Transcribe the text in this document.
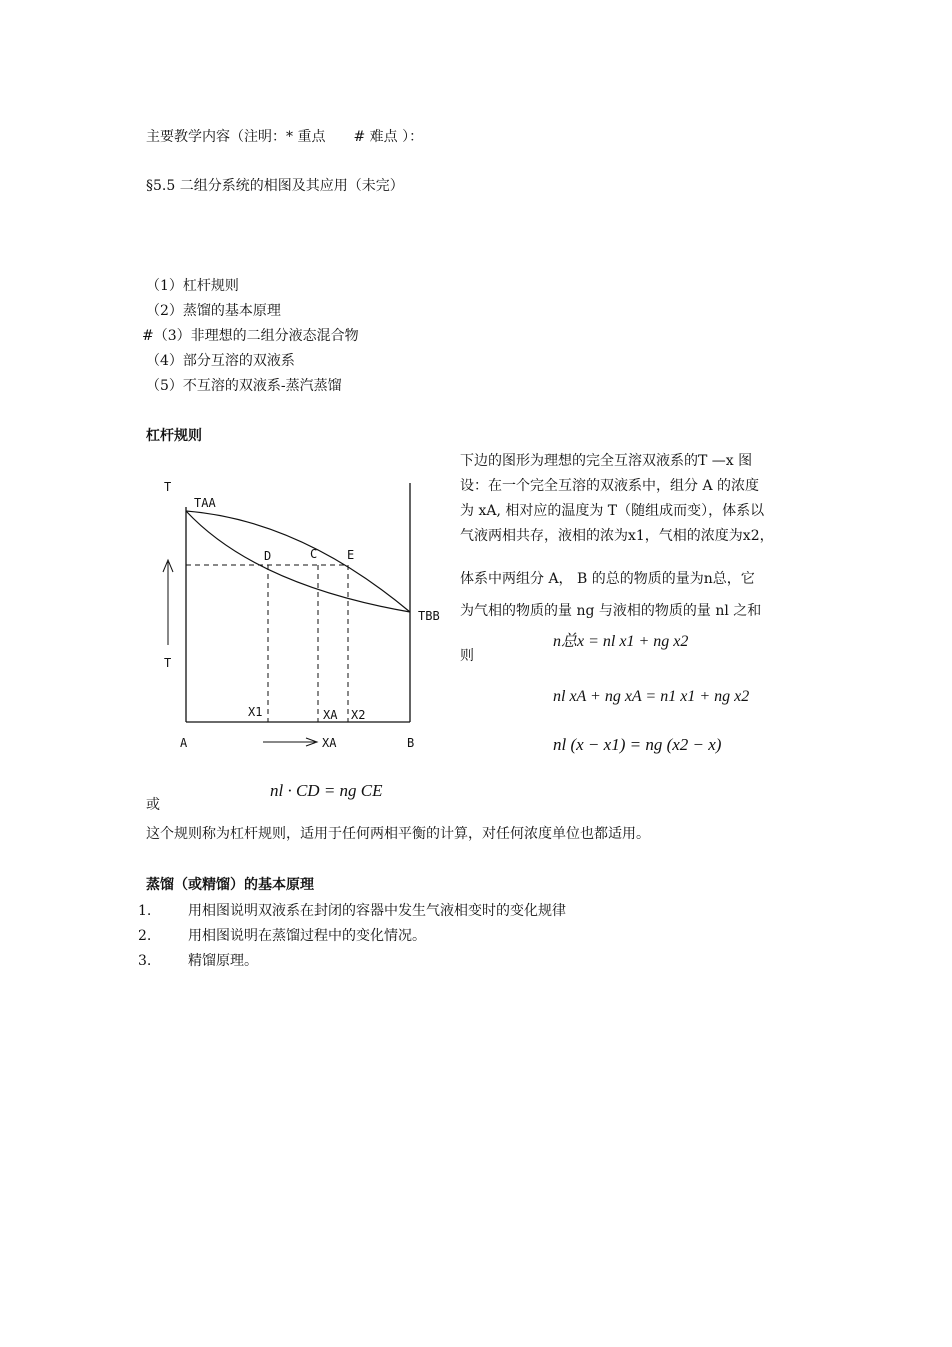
主要教学内容（注明：* 重点　　# 难点 ）：
§5.5 二组分系统的相图及其应用（未完）
（1）杠杆规则
（2）蒸馏的基本原理
#（3）非理想的二组分液态混合物
（4）部分互溶的双液系
（5）不互溶的双液系-蒸汽蒸馏
杠杆规则
T
TAA
D	C E
TBB
T
X1	XA X2
A	XA	B
下边的图形为理想的完全互溶双液系的T —x 图
设：在一个完全互溶的双液系中，组分 A 的浓度
为 xA, 相对应的温度为 T（随组成而变），体系以
气液两相共存，液相的浓为x1，气相的浓度为x2，
体系中两组分 A， B 的总的物质的量为n总，它
为气相的物质的量 ng 与液相的物质的量 nl 之和
则
n总x = nl x1 + ng x2
nl xA + ng xA = n1 x1 + ng x2
nl (x − x1) = ng (x2 − x)
或
nl · CD = ng CE
这个规则称为杠杆规则，适用于任何两相平衡的计算，对任何浓度单位也都适用。
蒸馏（或精馏）的基本原理
1.	用相图说明双液系在封闭的容器中发生气液相变时的变化规律
2.	用相图说明在蒸馏过程中的变化情况。
3.	精馏原理。
